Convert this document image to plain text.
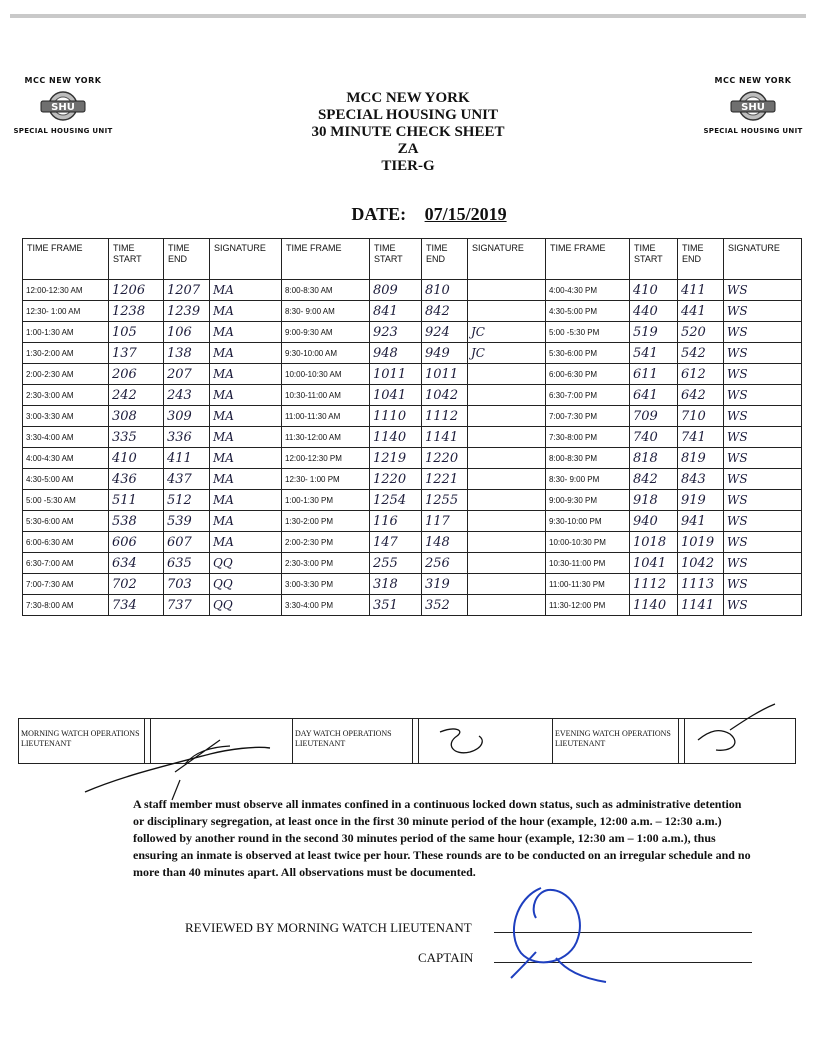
MCC NEW YORK
SHU
SPECIAL HOUSING UNIT
MCC NEW YORK
SHU
SPECIAL HOUSING UNIT
MCC NEW YORK
SPECIAL HOUSING UNIT
30 MINUTE CHECK SHEET
ZA
TIER-G
DATE: 07/15/2019
TIME FRAME	TIME START	TIME END	SIGNATURE	TIME FRAME	TIME START	TIME END	SIGNATURE	TIME FRAME	TIME START	TIME END	SIGNATURE
12:00-12:30 AM	1206	1207	MA	8:00-8:30 AM	809	810		4:00-4:30 PM	410	411	WS
12:30- 1:00 AM	1238	1239	MA	8:30- 9:00 AM	841	842		4:30-5:00 PM	440	441	WS
1:00-1:30 AM	105	106	MA	9:00-9:30 AM	923	924	JC	5:00 -5:30 PM	519	520	WS
1:30-2:00 AM	137	138	MA	9:30-10:00 AM	948	949	JC	5:30-6:00 PM	541	542	WS
2:00-2:30 AM	206	207	MA	10:00-10:30 AM	1011	1011		6:00-6:30 PM	611	612	WS
2:30-3:00 AM	242	243	MA	10:30-11:00 AM	1041	1042		6:30-7:00 PM	641	642	WS
3:00-3:30 AM	308	309	MA	11:00-11:30 AM	1110	1112		7:00-7:30 PM	709	710	WS
3:30-4:00 AM	335	336	MA	11:30-12:00 AM	1140	1141		7:30-8:00 PM	740	741	WS
4:00-4:30 AM	410	411	MA	12:00-12:30 PM	1219	1220		8:00-8:30 PM	818	819	WS
4:30-5:00 AM	436	437	MA	12:30- 1:00 PM	1220	1221		8:30- 9:00 PM	842	843	WS
5:00 -5:30 AM	511	512	MA	1:00-1:30 PM	1254	1255		9:00-9:30 PM	918	919	WS
5:30-6:00 AM	538	539	MA	1:30-2:00 PM	116	117		9:30-10:00 PM	940	941	WS
6:00-6:30 AM	606	607	MA	2:00-2:30 PM	147	148		10:00-10:30 PM	1018	1019	WS
6:30-7:00 AM	634	635	QQ	2:30-3:00 PM	255	256		10:30-11:00 PM	1041	1042	WS
7:00-7:30 AM	702	703	QQ	3:00-3:30 PM	318	319		11:00-11:30 PM	1112	1113	WS
7:30-8:00 AM	734	737	QQ	3:30-4:00 PM	351	352		11:30-12:00 PM	1140	1141	WS
MORNING WATCH OPERATIONS LIEUTENANT
DAY WATCH OPERATIONS LIEUTENANT
EVENING WATCH OPERATIONS LIEUTENANT
A staff member must observe all inmates confined in a continuous locked down status, such as administrative detention or disciplinary segregation, at least once in the first 30 minute period of the hour (example, 12:00 a.m. – 12:30 a.m.) followed by another round in the second 30 minutes period of the same hour (example, 12:30 am – 1:00 a.m.), thus ensuring an inmate is observed at least twice per hour. These rounds are to be conducted on an irregular schedule and no more than 40 minutes apart. All observations must be documented.
REVIEWED BY MORNING WATCH LIEUTENANT
CAPTAIN
